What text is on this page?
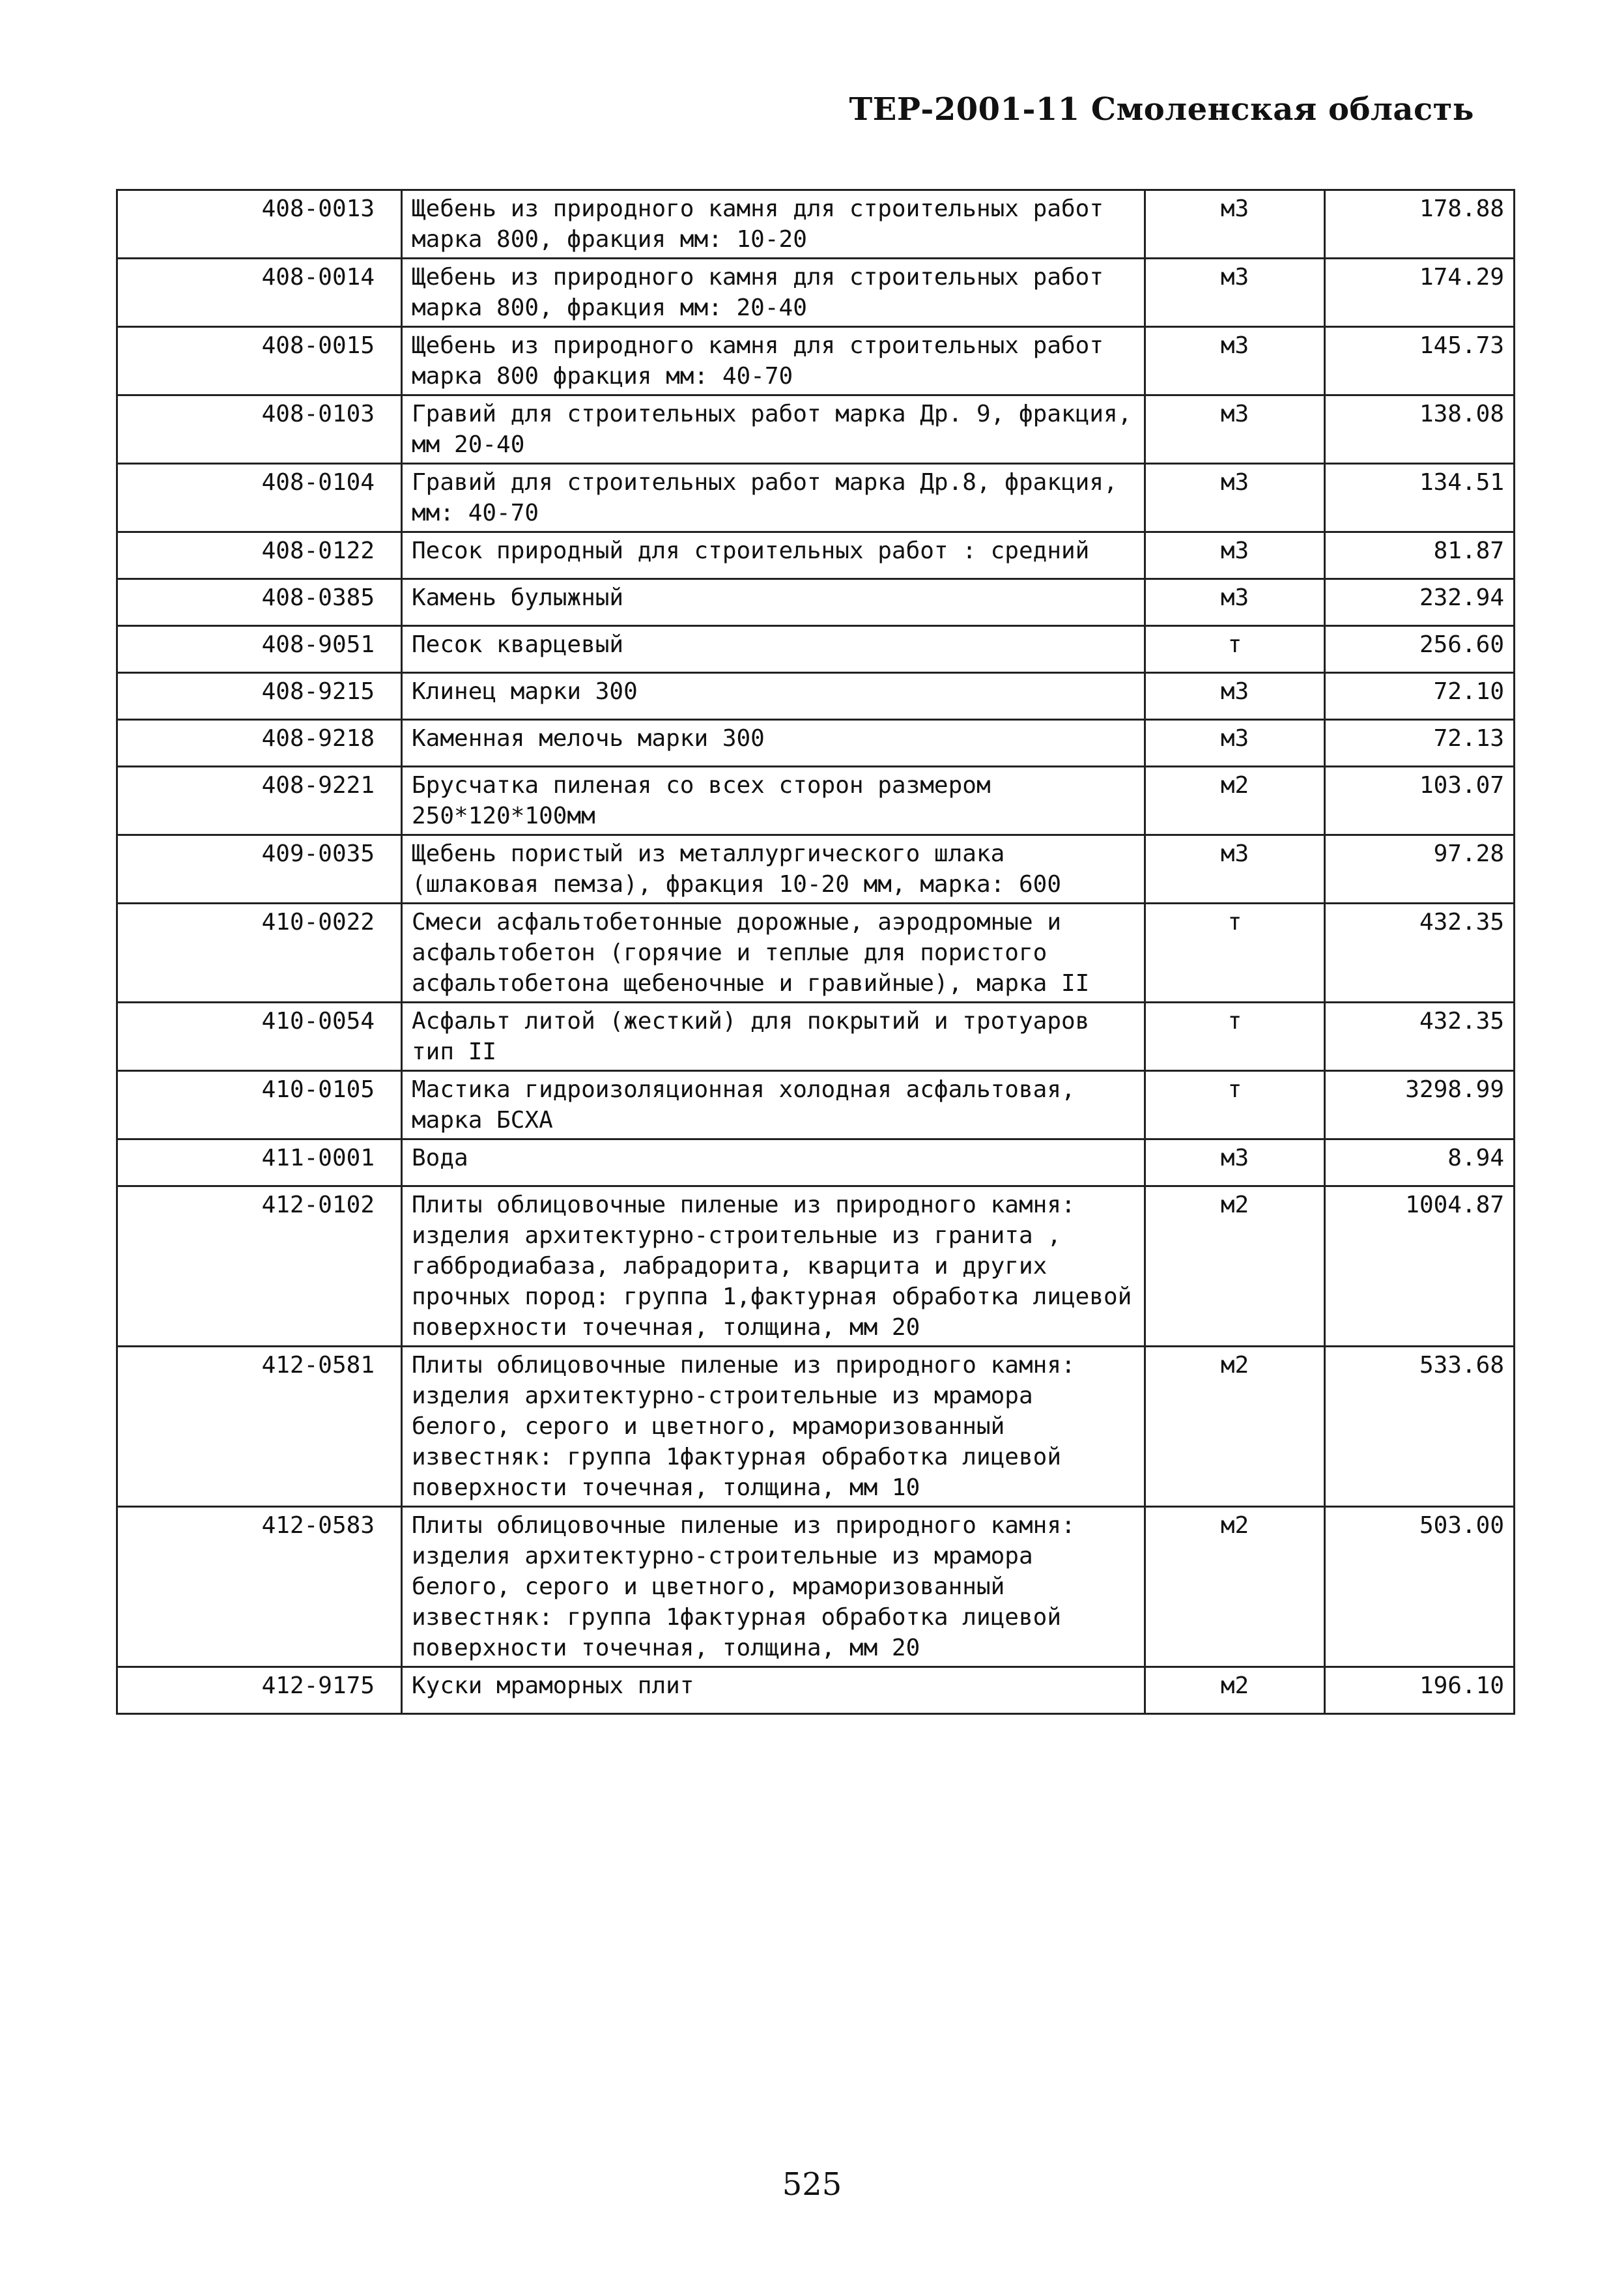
ТЕР-2001-11 Смоленская область
408-0013	Щебень из природного камня для строительных работ марка 800, фракция мм: 10-20	м3	178.88
408-0014	Щебень из природного камня для строительных работ марка 800, фракция мм: 20-40	м3	174.29
408-0015	Щебень из природного камня для строительных работ марка 800 фракция мм: 40-70	м3	145.73
408-0103	Гравий для строительных работ марка Др. 9, фракция, мм 20-40	м3	138.08
408-0104	Гравий для строительных работ марка Др.8, фракция, мм: 40-70	м3	134.51
408-0122	Песок природный для строительных работ : средний	м3	81.87
408-0385	Камень булыжный	м3	232.94
408-9051	Песок кварцевый	т	256.60
408-9215	Клинец марки 300	м3	72.10
408-9218	Каменная мелочь марки 300	м3	72.13
408-9221	Брусчатка пиленая со всех сторон размером 250*120*100мм	м2	103.07
409-0035	Щебень пористый из металлургического шлака (шлаковая пемза), фракция 10-20 мм, марка: 600	м3	97.28
410-0022	Смеси асфальтобетонные дорожные, аэродромные и асфальтобетон (горячие и теплые для пористого асфальтобетона щебеночные и гравийные), марка II	т	432.35
410-0054	Асфальт литой (жесткий) для покрытий и тротуаров тип II	т	432.35
410-0105	Мастика гидроизоляционная холодная асфальтовая, марка БСХА	т	3298.99
411-0001	Вода	м3	8.94
412-0102	Плиты облицовочные пиленые из природного камня: изделия архитектурно-строительные из гранита , габбродиабаза, лабрадорита, кварцита и других прочных пород: группа 1,фактурная обработка лицевой поверхности точечная, толщина, мм 20	м2	1004.87
412-0581	Плиты облицовочные пиленые из природного камня: изделия архитектурно-строительные из мрамора белого, серого и цветного, мраморизованный известняк: группа 1фактурная обработка лицевой поверхности точечная, толщина, мм 10	м2	533.68
412-0583	Плиты облицовочные пиленые из природного камня: изделия архитектурно-строительные из мрамора белого, серого и цветного, мраморизованный известняк: группа 1фактурная обработка лицевой поверхности точечная, толщина, мм 20	м2	503.00
412-9175	Куски мраморных плит	м2	196.10
525
